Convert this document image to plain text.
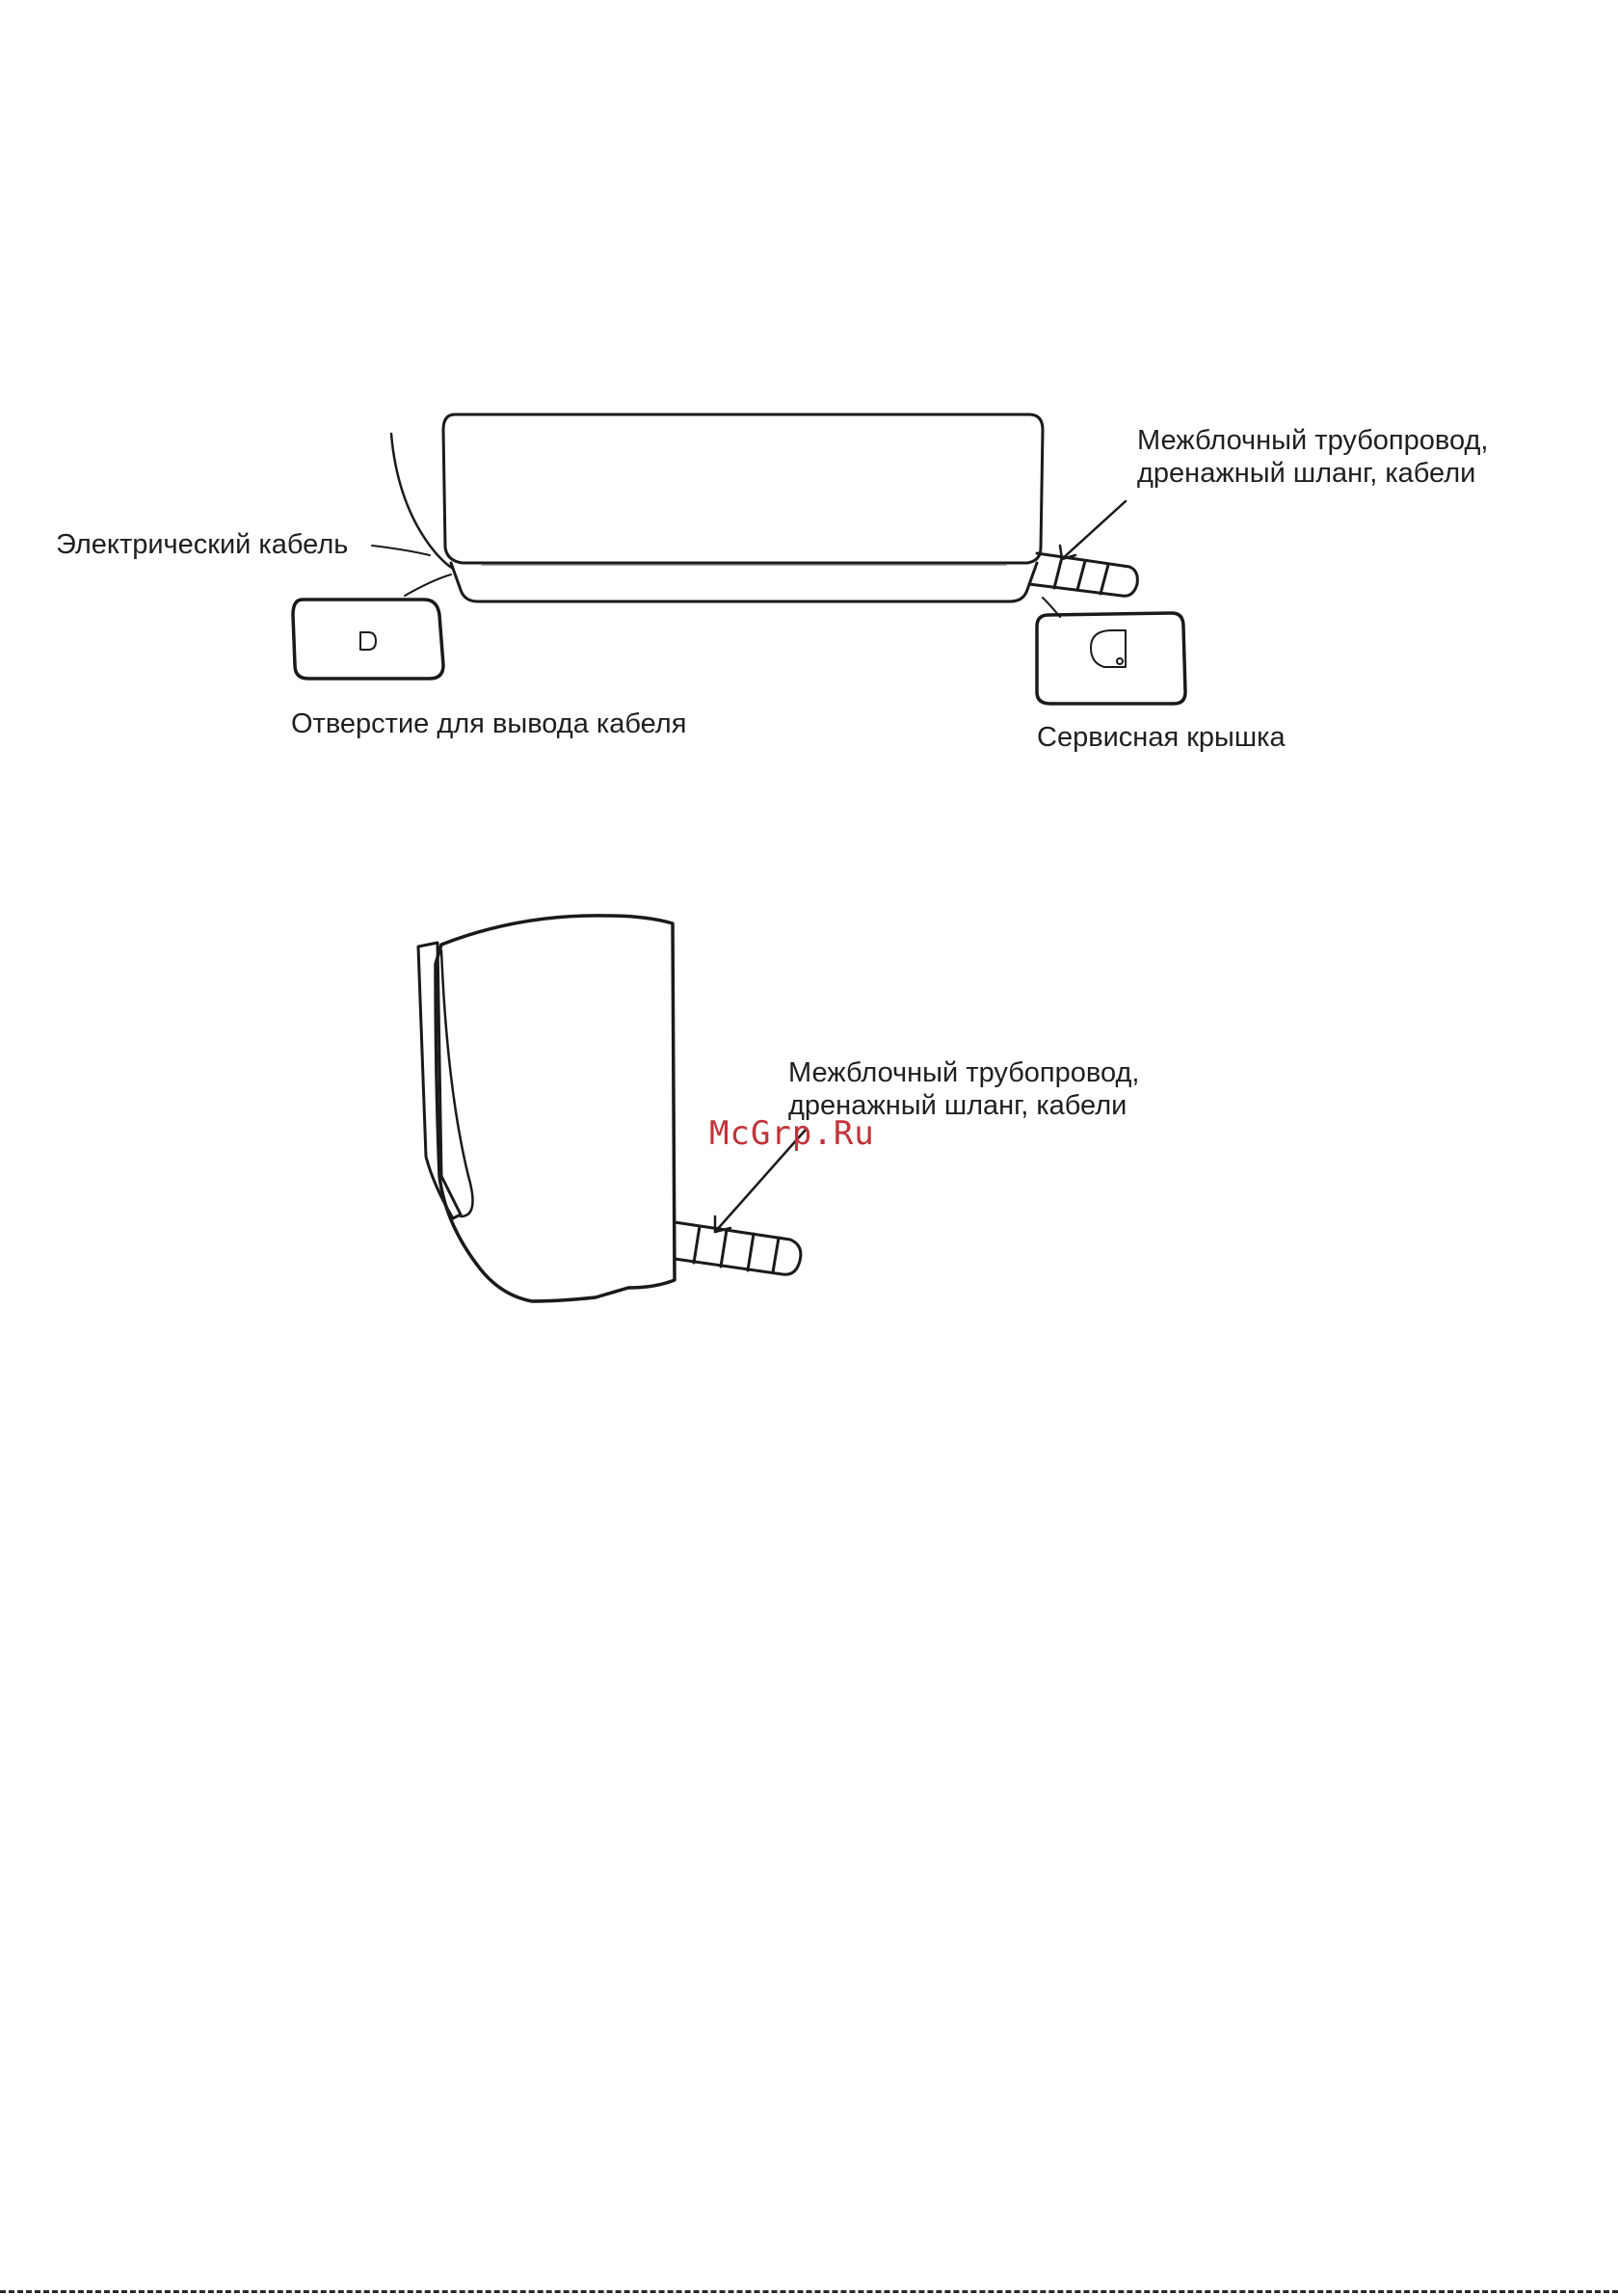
Электрический кабель

Отверстие для вывода кабеля	Сервисная крышка

Межблочный трубопровод,
дренажный шланг, кабели
Межблочный трубопровод,
дренажный шланг, кабели
McGrp.Ru
